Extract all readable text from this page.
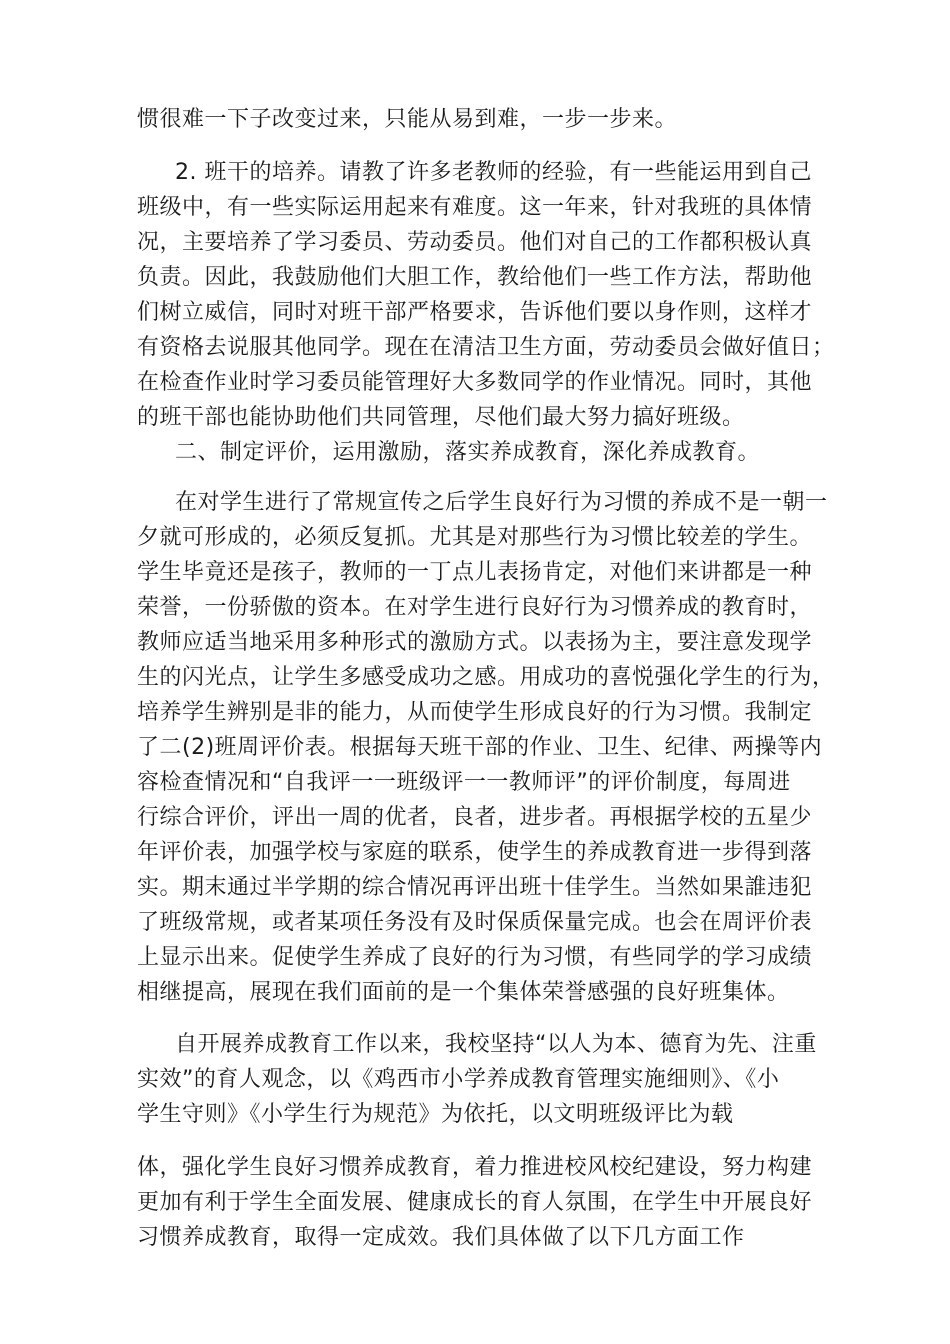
惯很难一下子改变过来，只能从易到难，一步一步来。
2. 班干的培养。请教了许多老教师的经验，有一些能运用到自己
班级中，有一些实际运用起来有难度。这一年来，针对我班的具体情
况，主要培养了学习委员、劳动委员。他们对自己的工作都积极认真
负责。因此，我鼓励他们大胆工作，教给他们一些工作方法，帮助他
们树立威信，同时对班干部严格要求，告诉他们要以身作则，这样才
有资格去说服其他同学。现在在清洁卫生方面，劳动委员会做好值日；
在检查作业时学习委员能管理好大多数同学的作业情况。同时，其他
的班干部也能协助他们共同管理，尽他们最大努力搞好班级。
二、制定评价，运用激励，落实养成教育，深化养成教育。
在对学生进行了常规宣传之后学生良好行为习惯的养成不是一朝一
夕就可形成的，必须反复抓。尤其是对那些行为习惯比较差的学生。
学生毕竟还是孩子，教师的一丁点儿表扬肯定，对他们来讲都是一种
荣誉，一份骄傲的资本。在对学生进行良好行为习惯养成的教育时，
教师应适当地采用多种形式的激励方式。以表扬为主，要注意发现学
生的闪光点，让学生多感受成功之感。用成功的喜悦强化学生的行为，
培养学生辨别是非的能力，从而使学生形成良好的行为习惯。我制定
了二(2)班周评价表。根据每天班干部的作业、卫生、纪律、两操等内
容检查情况和“自我评一一班级评一一教师评”的评价制度，每周进
行综合评价，评出一周的优者，良者，进步者。再根据学校的五星少
年评价表，加强学校与家庭的联系，使学生的养成教育进一步得到落
实。期末通过半学期的综合情况再评出班十佳学生。当然如果誰违犯
了班级常规，或者某项任务没有及时保质保量完成。也会在周评价表
上显示出来。促使学生养成了良好的行为习惯，有些同学的学习成绩
相继提高，展现在我们面前的是一个集体荣誉感强的良好班集体。
自开展养成教育工作以来，我校坚持“以人为本、德育为先、注重
实效”的育人观念，以《鸡西市小学养成教育管理实施细则》、《小
学生守则》《小学生行为规范》为依托，以文明班级评比为载
体，强化学生良好习惯养成教育，着力推进校风校纪建设，努力构建
更加有利于学生全面发展、健康成长的育人氛围，在学生中开展良好
习惯养成教育，取得一定成效。我们具体做了以下几方面工作
